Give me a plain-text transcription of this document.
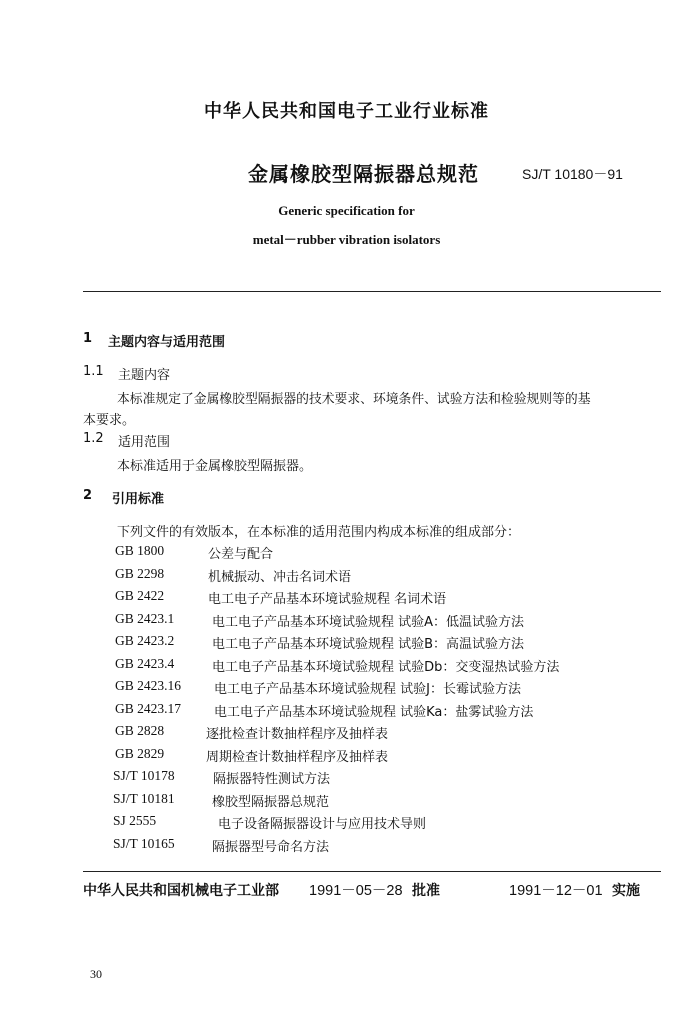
中华人民共和国电子工业行业标准
金属橡胶型隔振器总规范	SJ/T 10180－91
Generic specification for
metal－rubber vibration isolators
1 主题内容与适用范围
1.1 主题内容
本标准规定了金属橡胶型隔振器的技术要求、环境条件、试验方法和检验规则等的基
本要求。
1.2 适用范围
本标准适用于金属橡胶型隔振器。
2 引用标准
下列文件的有效版本，在本标准的适用范围内构成本标准的组成部分：
GB 1800	公差与配合
GB 2298	机械振动、冲击名词术语
GB 2422	电工电子产品基本环境试验规程 名词术语
GB 2423.1	电工电子产品基本环境试验规程 试验A：低温试验方法
GB 2423.2	电工电子产品基本环境试验规程 试验B：高温试验方法
GB 2423.4	电工电子产品基本环境试验规程 试验Db：交变湿热试验方法
GB 2423.16	电工电子产品基本环境试验规程 试验J：长霉试验方法
GB 2423.17	电工电子产品基本环境试验规程 试验Ka：盐雾试验方法
GB 2828	逐批检查计数抽样程序及抽样表
GB 2829	周期检查计数抽样程序及抽样表
SJ/T 10178	隔振器特性测试方法
SJ/T 10181	橡胶型隔振器总规范
SJ 2555	电子设备隔振器设计与应用技术导则
SJ/T 10165	隔振器型号命名方法
中华人民共和国机械电子工业部 1991－05－28 批准	1991－12－01 实施
30
